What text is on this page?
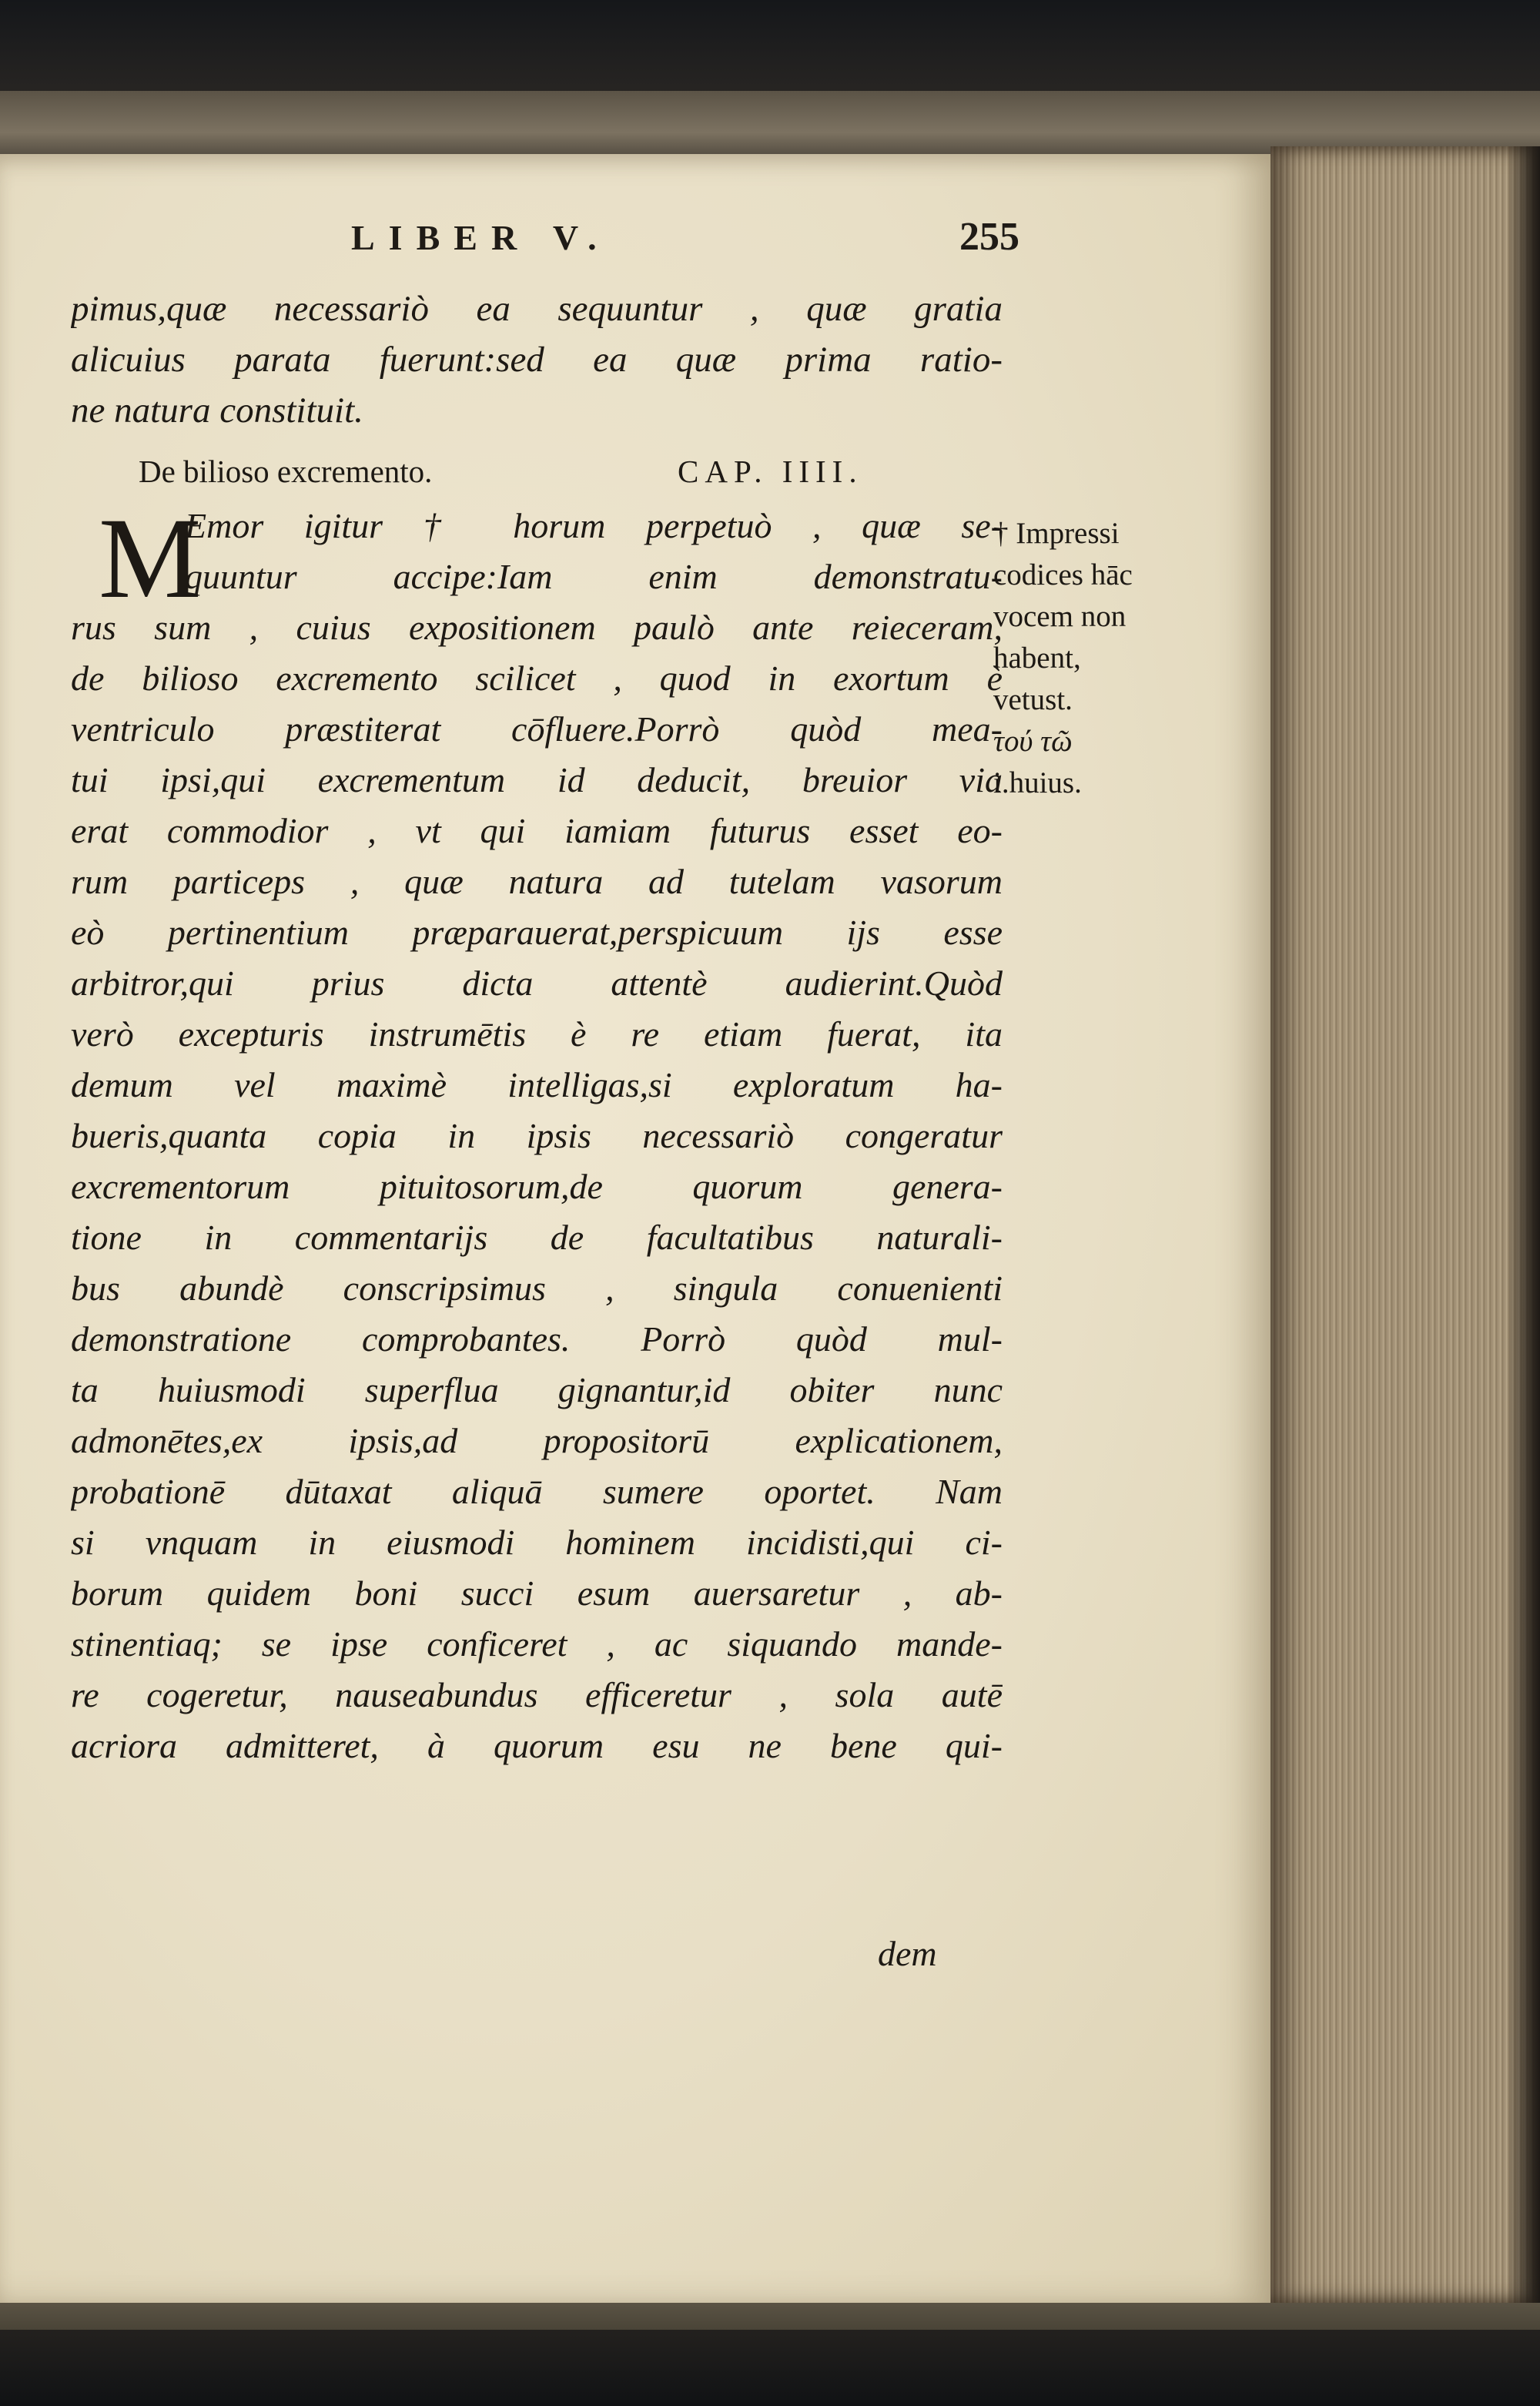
LIBER V.	255
pimus,quæ necessariò ea sequuntur , quæ gratia
alicuius parata fuerunt:sed ea quæ prima ratio-
ne natura constituit.
De bilioso excremento.	CAP. IIII.
M
Emor igitur † horum perpetuò , quæ se-
quuntur accipe:Iam enim demonstratu-
rus sum , cuius expositionem paulò ante reieceram,
de bilioso excremento scilicet , quod in exortum è
ventriculo præstiterat cōfluere.Porrò quòd mea-
tui ipsi,qui excrementum id deducit, breuior via
erat commodior , vt qui iamiam futurus esset eo-
rum particeps , quæ natura ad tutelam vasorum
eò pertinentium præparauerat,perspicuum ijs esse
arbitror,qui prius dicta attentè audierint.Quòd
verò excepturis instrumētis è re etiam fuerat, ita
demum vel maximè intelligas,si exploratum ha-
bueris,quanta copia in ipsis necessariò congeratur
excrementorum pituitosorum,de quorum genera-
tione in commentarijs de facultatibus naturali-
bus abundè conscripsimus , singula conuenienti
demonstratione comprobantes. Porrò quòd mul-
ta huiusmodi superflua gignantur,id obiter nunc
admonētes,ex ipsis,ad propositorū explicationem,
probationē dūtaxat aliquā sumere oportet. Nam
si vnquam in eiusmodi hominem incidisti,qui ci-
borum quidem boni succi esum auersaretur , ab-
stinentiaq; se ipse conficeret , ac siquando mande-
re cogeretur, nauseabundus efficeretur , sola autē
acriora admitteret, à quorum esu ne bene qui-
dem
† Impressi
codices hāc
vocem non
habent,
vetust.
τού τῶ
i.huius.
